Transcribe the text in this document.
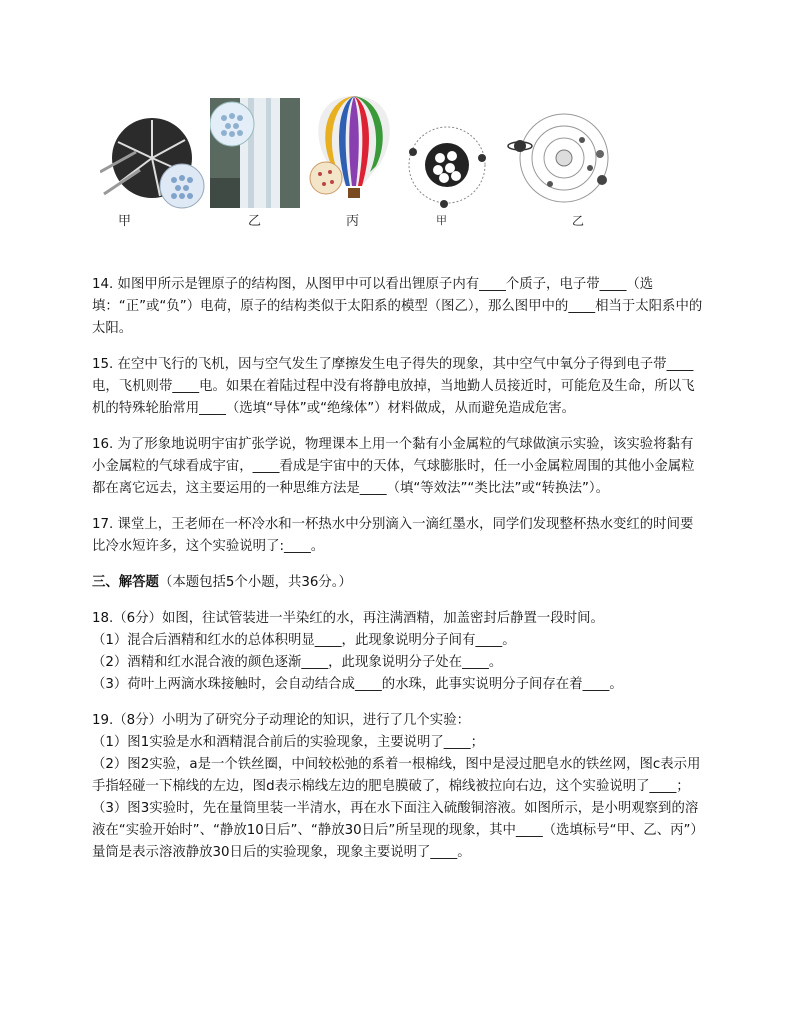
甲	乙	丙	甲	乙

14. 如图甲所示是锂原子的结构图，从图甲中可以看出锂原子内有____个质子，电子带____（选填：“正”或“负”）电荷，原子的结构类似于太阳系的模型（图乙），那么图甲中的____相当于太阳系中的太阳。

15. 在空中飞行的飞机，因与空气发生了摩擦发生电子得失的现象，其中空气中氧分子得到电子带____电，飞机则带____电。如果在着陆过程中没有将静电放掉，当地勤人员接近时，可能危及生命，所以飞机的特殊轮胎常用____（选填“导体”或“绝缘体”）材料做成，从而避免造成危害。

16. 为了形象地说明宇宙扩张学说，物理课本上用一个黏有小金属粒的气球做演示实验，该实验将黏有小金属粒的气球看成宇宙，____看成是宇宙中的天体，气球膨胀时，任一小金属粒周围的其他小金属粒都在离它远去，这主要运用的一种思维方法是____（填“等效法”“类比法”或“转换法”）。

17. 课堂上，王老师在一杯冷水和一杯热水中分别滴入一滴红墨水，同学们发现整杯热水变红的时间要比冷水短许多，这个实验说明了:____。

三、解答题（本题包括5个小题，共36分。）

18.（6分）如图，往试管装进一半染红的水，再注满酒精，加盖密封后静置一段时间。

（1）混合后酒精和红水的总体积明显____，此现象说明分子间有____。

（2）酒精和红水混合液的颜色逐渐____，此现象说明分子处在____。

（3）荷叶上两滴水珠接触时，会自动结合成____的水珠，此事实说明分子间存在着____。

19.（8分）小明为了研究分子动理论的知识，进行了几个实验：

（1）图1实验是水和酒精混合前后的实验现象，主要说明了____；

（2）图2实验，a是一个铁丝圈，中间较松弛的系着一根棉线，图中是浸过肥皂水的铁丝网，图c表示用手指轻碰一下棉线的左边，图d表示棉线左边的肥皂膜破了，棉线被拉向右边，这个实验说明了____；

（3）图3实验时，先在量筒里装一半清水，再在水下面注入硫酸铜溶液。如图所示，是小明观察到的溶液在“实验开始时”、“静放10日后”、“静放30日后”所呈现的现象，其中____（选填标号“甲、乙、丙”）量筒是表示溶液静放30日后的实验现象，现象主要说明了____。
